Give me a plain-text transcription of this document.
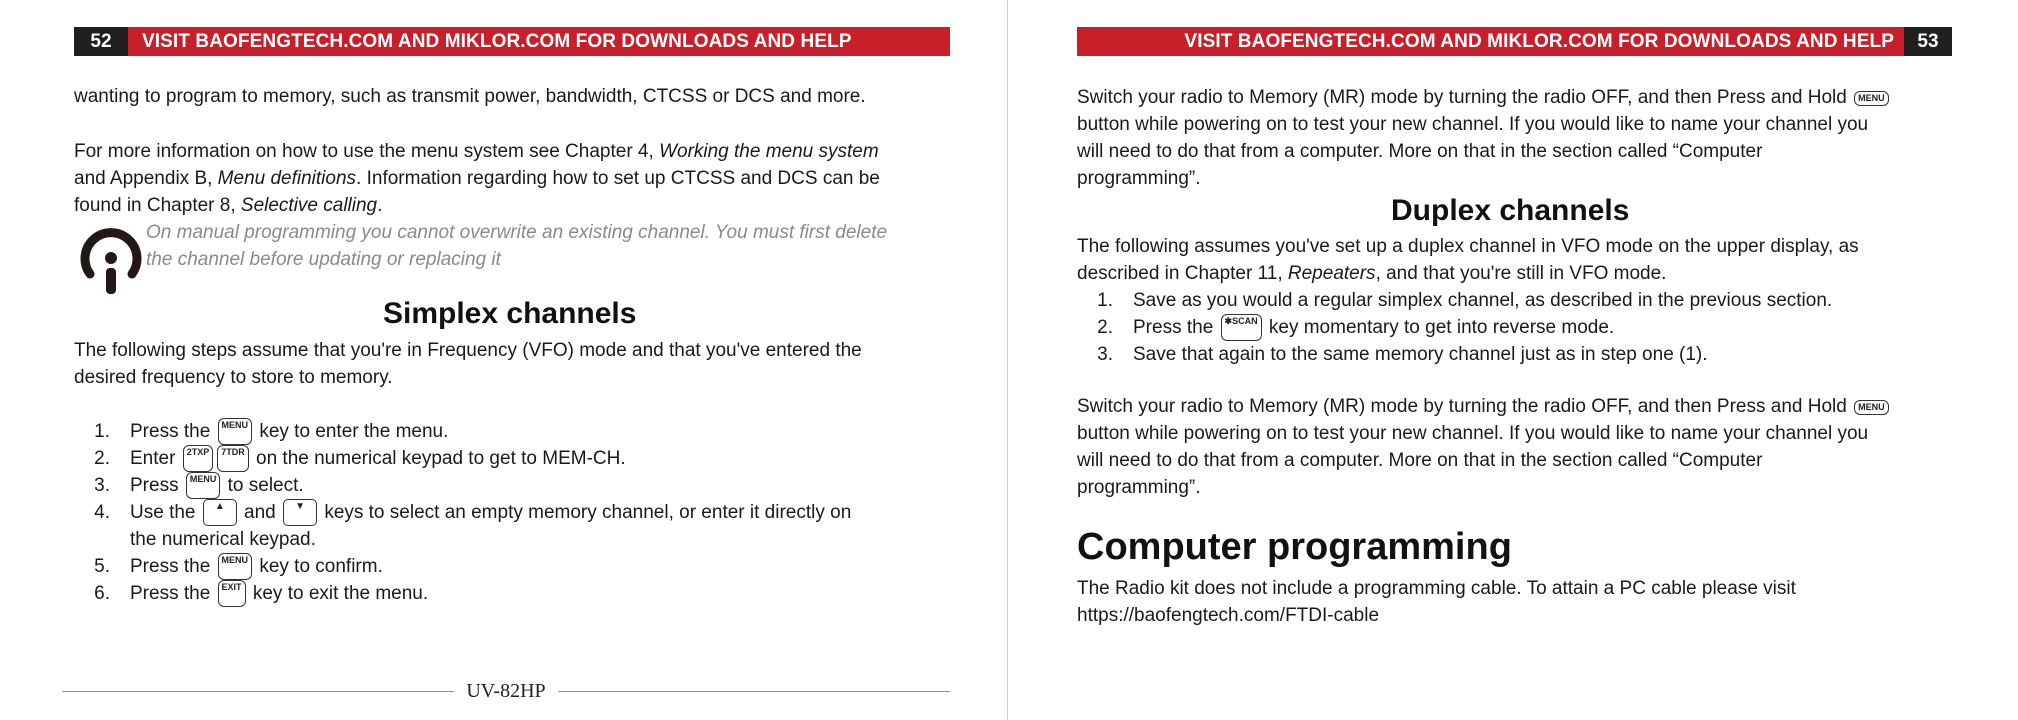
52	VISIT BAOFENGTECH.COM AND MIKLOR.COM FOR DOWNLOADS AND HELP
wanting to program to memory, such as transmit power, bandwidth, CTCSS or DCS and more.
For more information on how to use the menu system see Chapter 4, Working the menu system
and Appendix B, Menu definitions. Information regarding how to set up CTCSS and DCS can be
found in Chapter 8, Selective calling.
On manual programming you cannot overwrite an existing channel. You must first delete
the channel before updating or replacing it
Simplex channels
The following steps assume that you're in Frequency (VFO) mode and that you've entered the
desired frequency to store to memory.
1. Press the
	MENU
key to enter the menu.
2. Enter
	2TXP	7TDR
on the numerical keypad to get to MEM-CH.
3. Press
	MENU
to select.
4. Use the
	▲
	and
	▼
	keys to select an empty memory channel, or enter it directly on
the numerical keypad.
5. Press the
	MENU
key to confirm.
6. Press the
	EXIT
key to exit the menu.
UV-82HP
VISIT BAOFENGTECH.COM AND MIKLOR.COM FOR DOWNLOADS AND HELP	53
Switch your radio to Memory (MR) mode by turning the radio OFF, and then Press and Hold MENU
button while powering on to test your new channel. If you would like to name your channel you
will need to do that from a computer. More on that in the section called “Computer
programming”.
Duplex channels
The following assumes you've set up a duplex channel in VFO mode on the upper display, as
described in Chapter 11, Repeaters, and that you're still in VFO mode.
1. Save as you would a regular simplex channel, as described in the previous section.
2. Press the
	✱SCAN
key momentary to get into reverse mode.
3. Save that again to the same memory channel just as in step one (1).
Switch your radio to Memory (MR) mode by turning the radio OFF, and then Press and Hold MENU
button while powering on to test your new channel. If you would like to name your channel you
will need to do that from a computer. More on that in the section called “Computer
programming”.
Computer programming
The Radio kit does not include a programming cable. To attain a PC cable please visit
https://baofengtech.com/FTDI-cable
